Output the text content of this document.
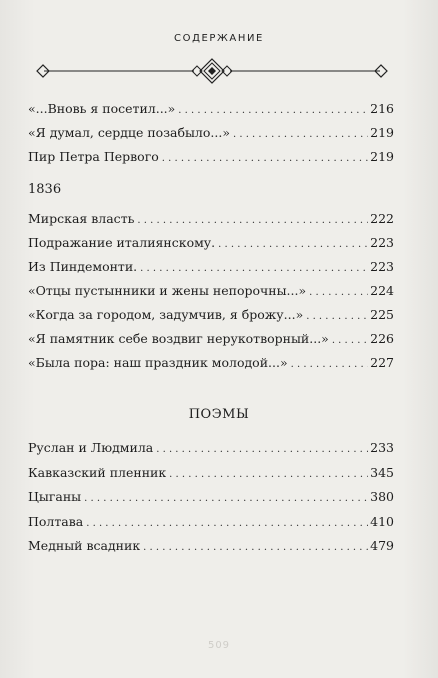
СОДЕРЖАНИЕ
«...Вновь я посетил...» . . .	216
«Я думал, сердце позабыло...» . . .	219
Пир Петра Первого . . .	219
1836
Мирская власть . . .	222
Подражание италиянскому. . . .	223
Из Пиндемонти. . . .	223
«Отцы пустынники и жены непорочны...» . . .	224
«Когда за городом, задумчив, я брожу...» . . .	225
«Я памятник себе воздвиг нерукотворный...» . . .	226
«Была пора: наш праздник молодой...» . . .	227
ПОЭМЫ
Руслан и Людмила . . .	233
Кавказский пленник . . .	345
Цыганы . . .	380
Полтава . . .	410
Медный всадник . . .	479
509
